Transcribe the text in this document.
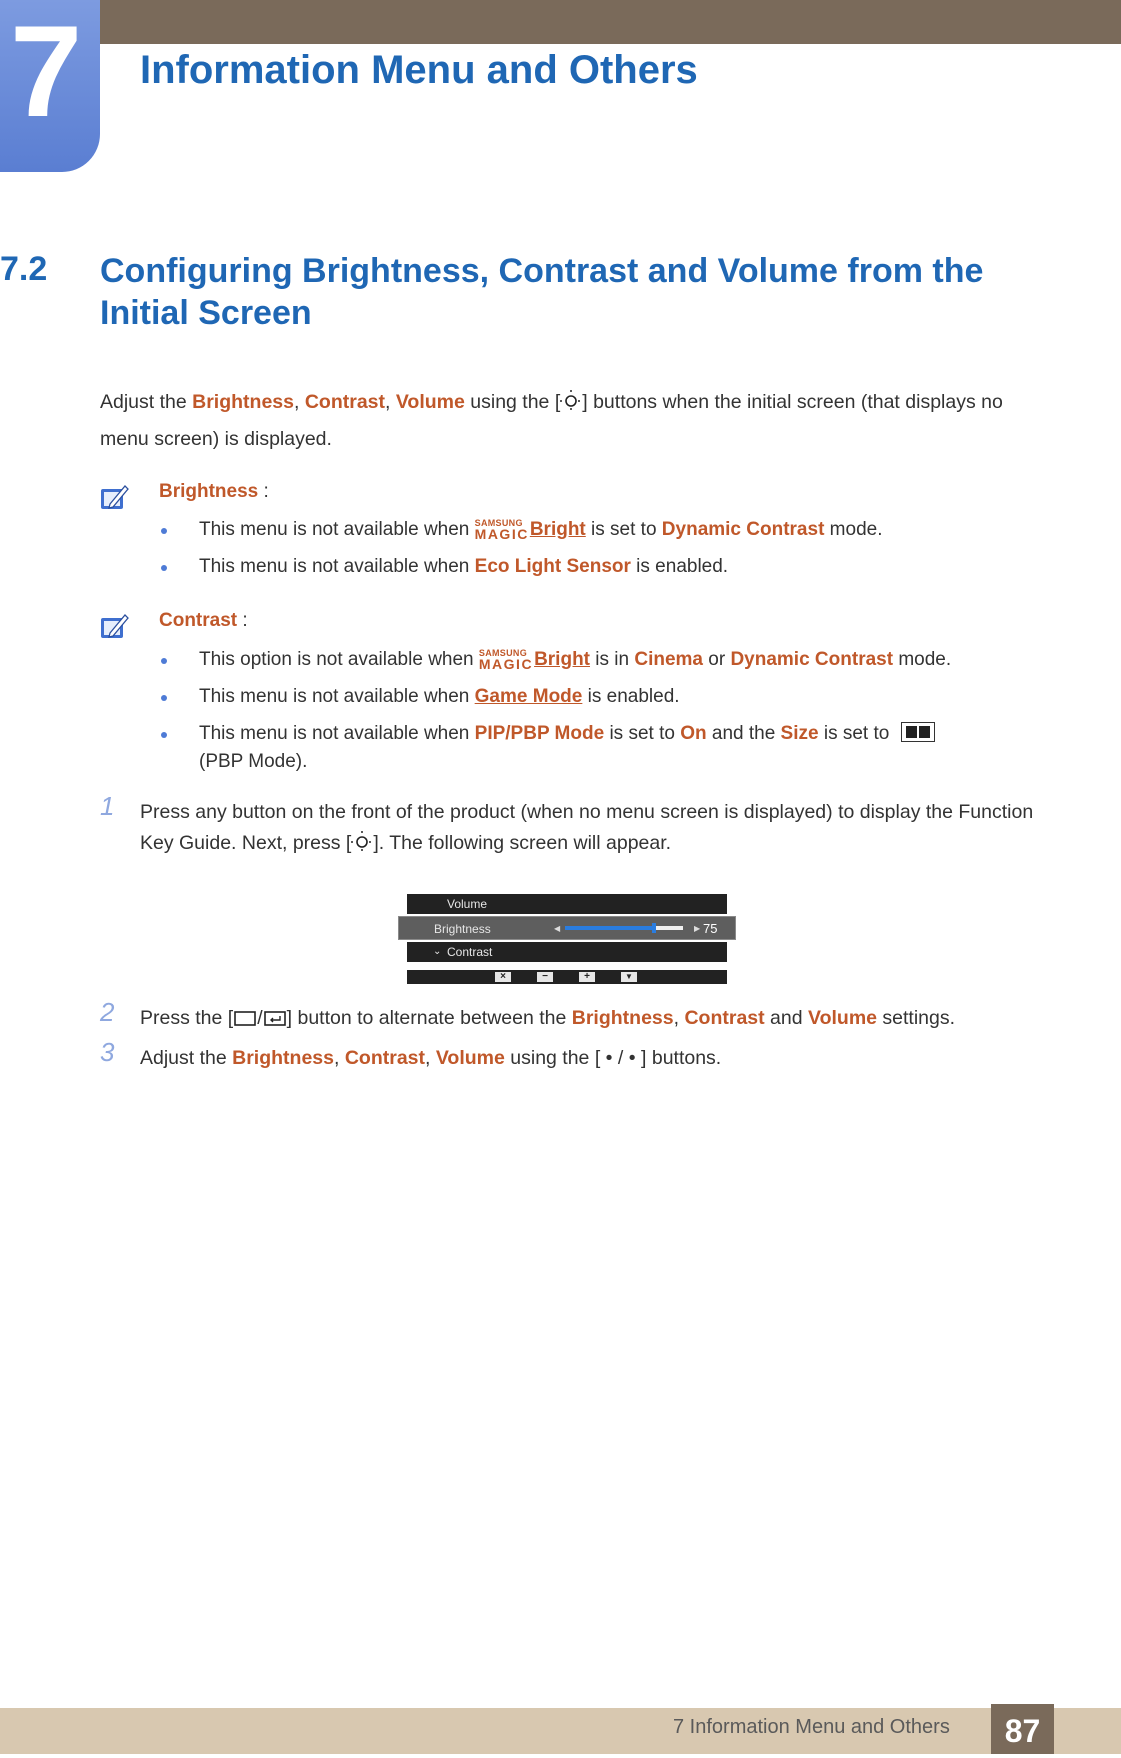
7 Information Menu and Others
7.2 Configuring Brightness, Contrast and Volume from the Initial Screen
Adjust the Brightness, Contrast, Volume using the [ ] buttons when the initial screen (that displays no menu screen) is displayed.
Brightness :
This menu is not available when SAMSUNG
MAGIC Bright is set to Dynamic Contrast mode.
This menu is not available when Eco Light Sensor is enabled.
Contrast :
This option is not available when SAMSUNG
MAGIC Bright is in Cinema or Dynamic Contrast mode.
This menu is not available when Game Mode is enabled.
This menu is not available when PIP/PBP Mode is set to On and the Size is set to
(PBP Mode).
1 Press any button on the front of the product (when no menu screen is displayed) to display the Function Key Guide. Next, press [ ]. The following screen will appear.
Volume
Brightness	◀	▶ 75
⌄ Contrast
×	−	+	▼
2 Press the [ / ] button to alternate between the Brightness, Contrast and Volume settings.
3 Adjust the Brightness, Contrast, Volume using the [ • / • ] buttons.
7 Information Menu and Others	87
